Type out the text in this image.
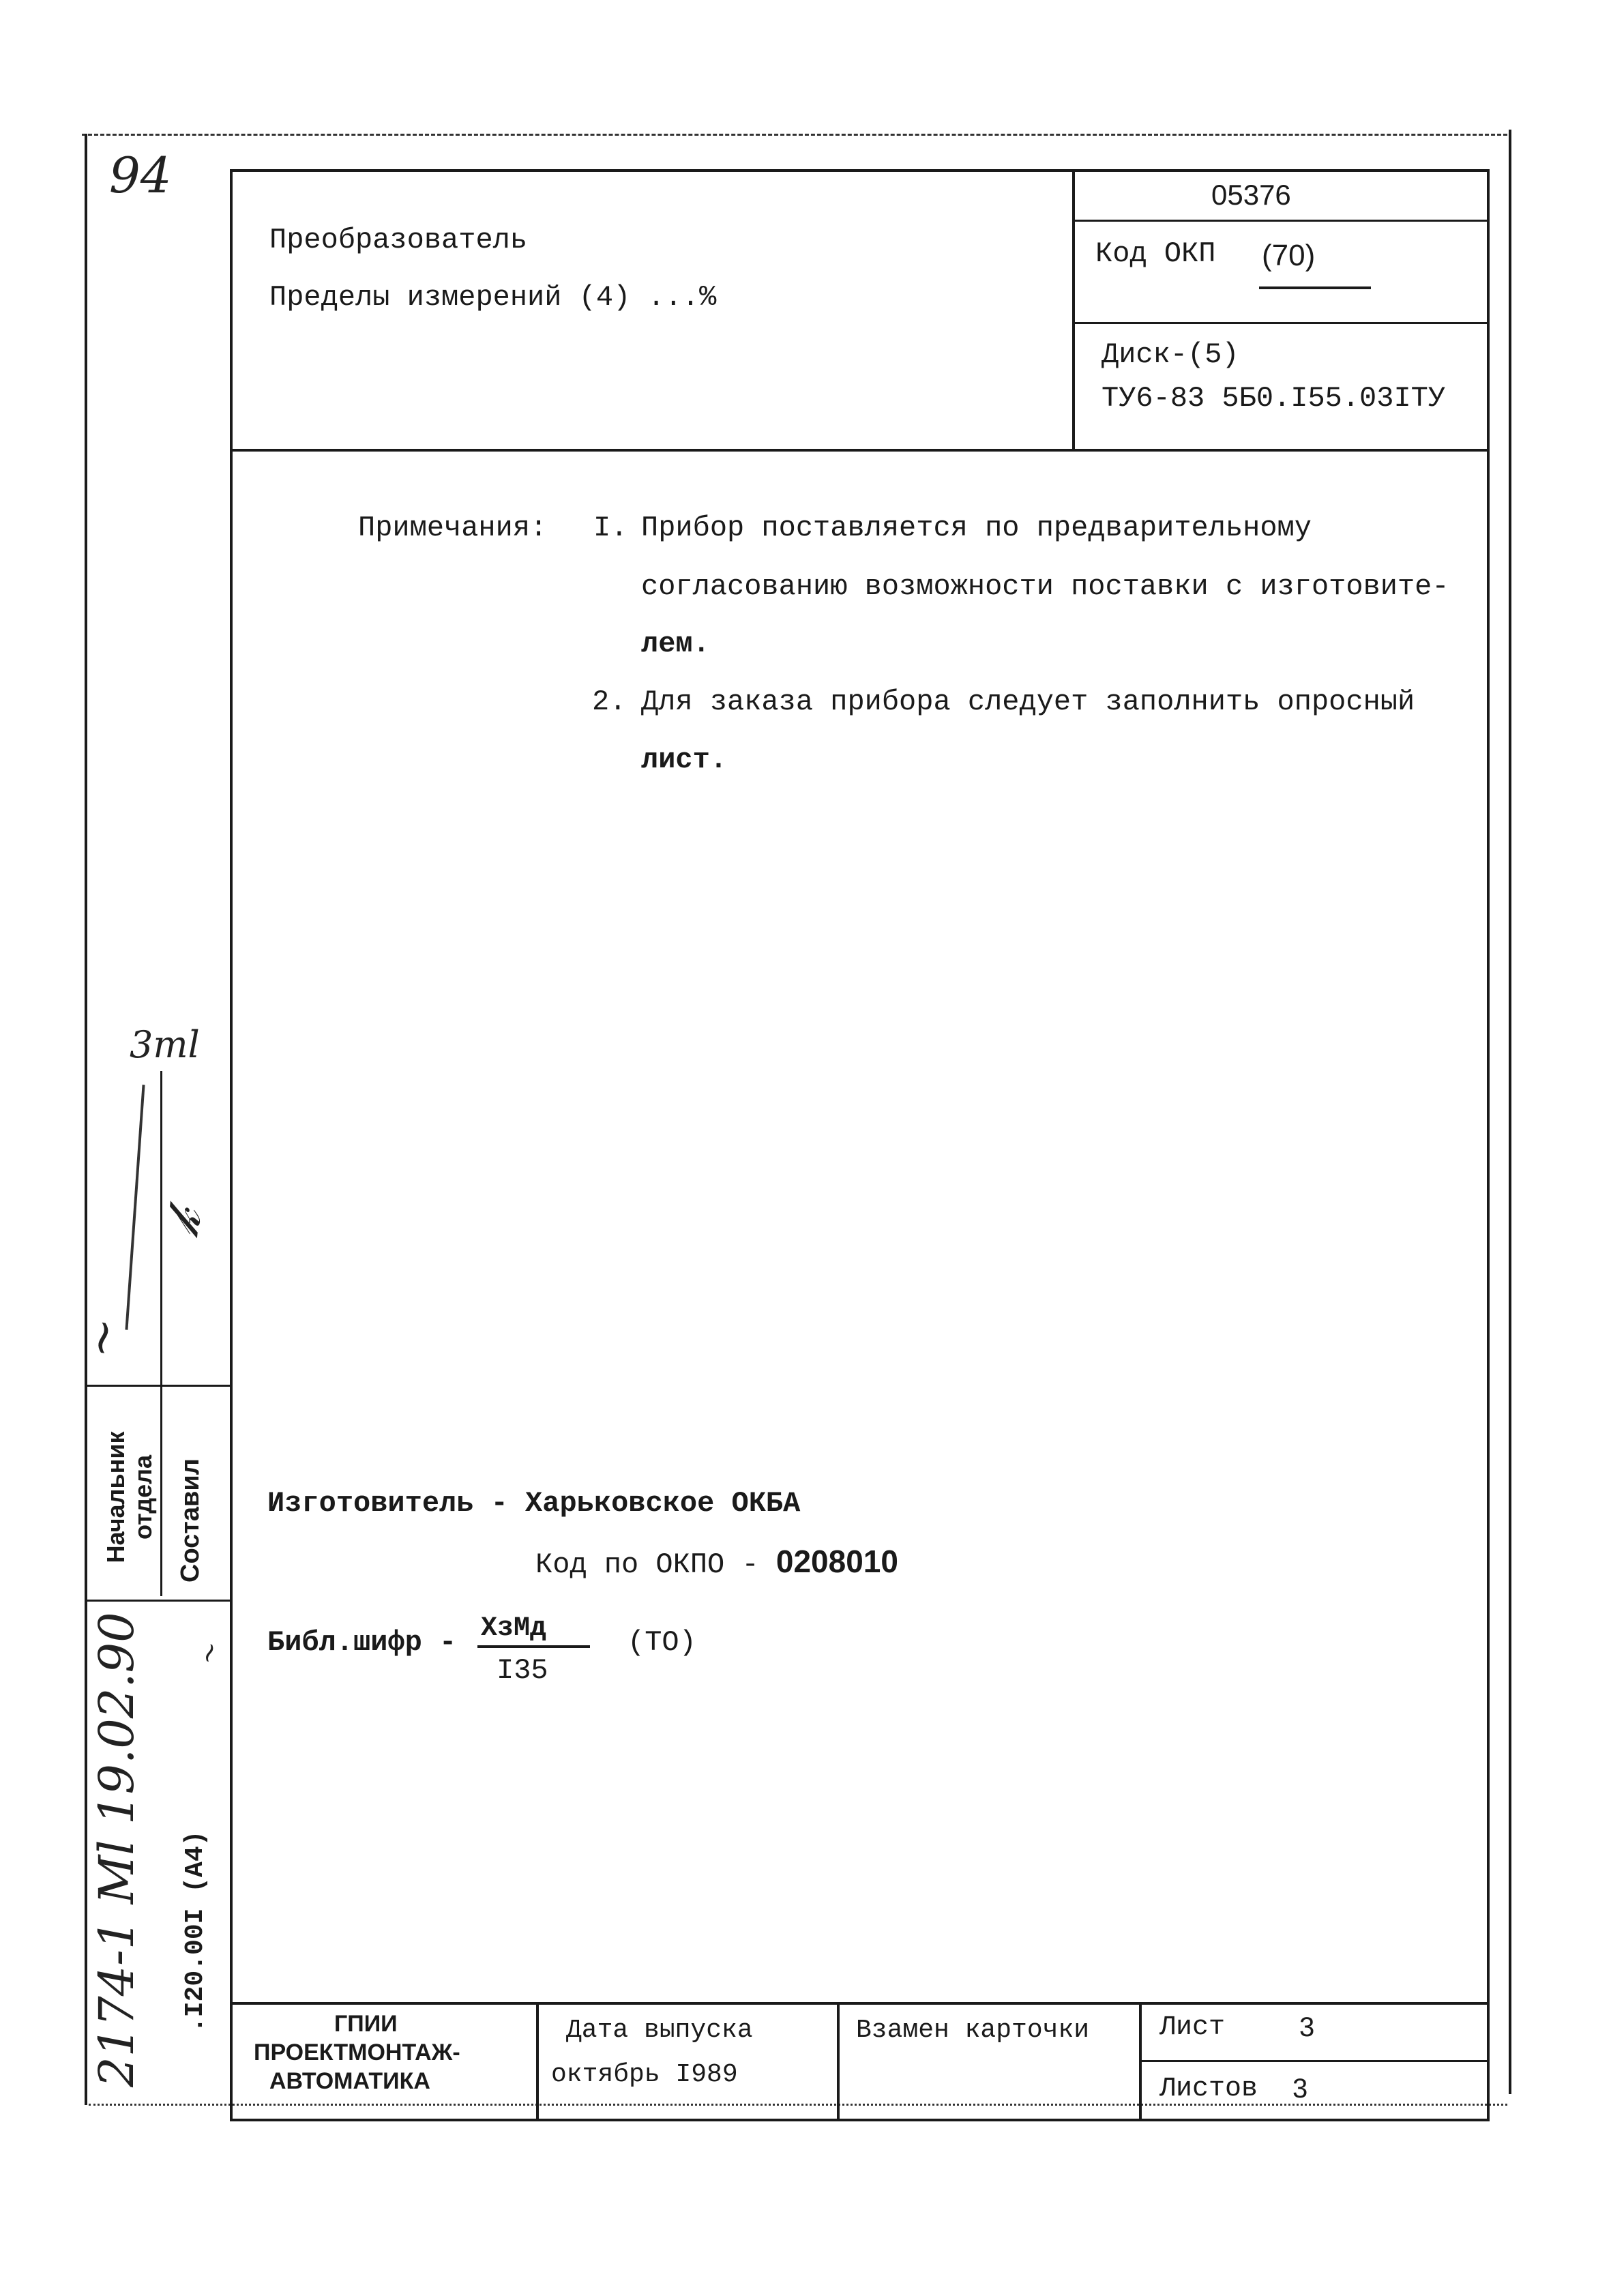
94
Преобразователь
Пределы измерений (4) ...%
05376
Код ОКП (70)
Диск-(5)
ТУ6-83 5Б0.I55.03IТУ
Примечания: I. Прибор поставляется по предварительному
согласованию возможности поставки с изготовите-
лем.
2. Для заказа прибора следует заполнить опросный
лист.
Изготовитель - Харьковское ОКБА
Код по ОКПО - 0208010
Библ.шифр - ХзМд
I35
(ТО)
Начальник отдела Составил
3ml
~
𝓀
2174-1 Ml 19.02.90 .I20.00I (А4)
~
ГПИИ
ПРОЕКТМОНТАЖ-
АВТОМАТИКА
Дата выпуска
октябрь I989
Взамен карточки	Лист	3
Листов 3
